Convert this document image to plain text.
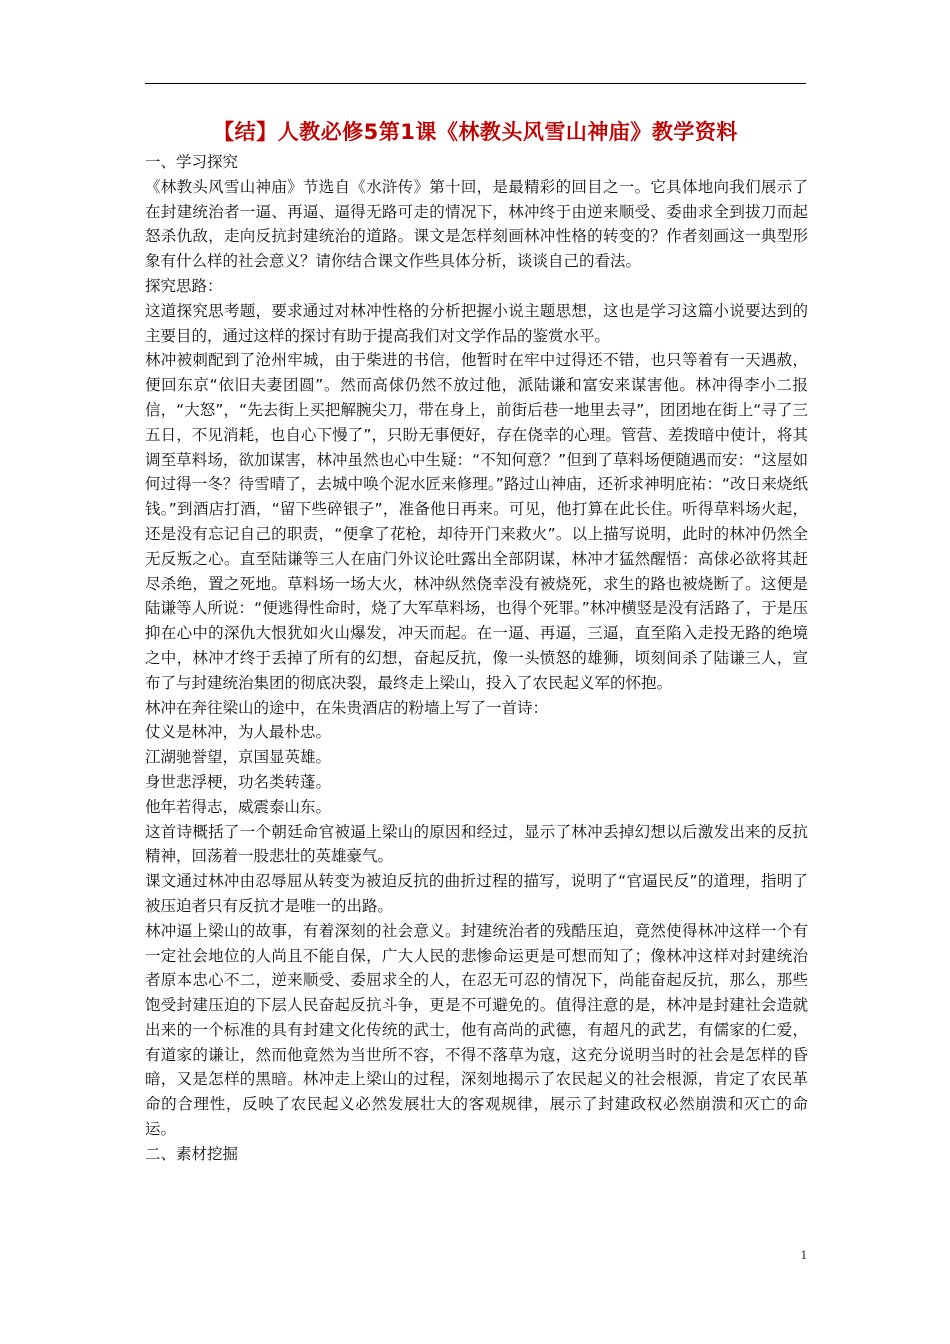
【结】人教必修5第1课《林教头风雪山神庙》教学资料

一、学习探究

《林教头风雪山神庙》节选自《水浒传》第十回，是最精彩的回目之一。它具体地向我们展示了在封建统治者一逼、再逼、逼得无路可走的情况下，林冲终于由逆来顺受、委曲求全到拔刀而起怒杀仇敌，走向反抗封建统治的道路。课文是怎样刻画林冲性格的转变的？作者刻画这一典型形象有什么样的社会意义？请你结合课文作些具体分析，谈谈自己的看法。

探究思路：

这道探究思考题，要求通过对林冲性格的分析把握小说主题思想，这也是学习这篇小说要达到的主要目的，通过这样的探讨有助于提高我们对文学作品的鉴赏水平。

林冲被刺配到了沧州牢城，由于柴进的书信，他暂时在牢中过得还不错，也只等着有一天遇赦，便回东京“依旧夫妻团圆”。然而高俅仍然不放过他，派陆谦和富安来谋害他。林冲得李小二报信，“大怒”，“先去街上买把解腕尖刀，带在身上，前街后巷一地里去寻”，团团地在街上“寻了三五日，不见消耗，也自心下慢了”，只盼无事便好，存在侥幸的心理。管营、差拨暗中使计，将其调至草料场，欲加谋害，林冲虽然也心中生疑：“不知何意？”但到了草料场便随遇而安：“这屋如何过得一冬？待雪晴了，去城中唤个泥水匠来修理。”路过山神庙，还祈求神明庇祐：“改日来烧纸钱。”到酒店打酒，“留下些碎银子”，准备他日再来。可见，他打算在此长住。听得草料场火起，还是没有忘记自己的职责，“便拿了花枪，却待开门来救火”。以上描写说明，此时的林冲仍然全无反叛之心。直至陆谦等三人在庙门外议论吐露出全部阴谋，林冲才猛然醒悟：高俅必欲将其赶尽杀绝，置之死地。草料场一场大火，林冲纵然侥幸没有被烧死，求生的路也被烧断了。这便是陆谦等人所说：“便逃得性命时，烧了大军草料场，也得个死罪。”林冲横竖是没有活路了，于是压抑在心中的深仇大恨犹如火山爆发，冲天而起。在一逼、再逼，三逼，直至陷入走投无路的绝境之中，林冲才终于丢掉了所有的幻想，奋起反抗，像一头愤怒的雄狮，顷刻间杀了陆谦三人，宣布了与封建统治集团的彻底决裂，最终走上梁山，投入了农民起义军的怀抱。

林冲在奔往梁山的途中，在朱贵酒店的粉墙上写了一首诗：

仗义是林冲，为人最朴忠。

江湖驰誉望，京国显英雄。

身世悲浮梗，功名类转蓬。

他年若得志，威震泰山东。

这首诗概括了一个朝廷命官被逼上梁山的原因和经过，显示了林冲丢掉幻想以后激发出来的反抗精神，回荡着一股悲壮的英雄豪气。

课文通过林冲由忍辱屈从转变为被迫反抗的曲折过程的描写，说明了“官逼民反”的道理，指明了被压迫者只有反抗才是唯一的出路。

林冲逼上梁山的故事，有着深刻的社会意义。封建统治者的残酷压迫，竟然使得林冲这样一个有一定社会地位的人尚且不能自保，广大人民的悲惨命运更是可想而知了；像林冲这样对封建统治者原本忠心不二，逆来顺受、委屈求全的人，在忍无可忍的情况下，尚能奋起反抗，那么，那些饱受封建压迫的下层人民奋起反抗斗争，更是不可避免的。值得注意的是，林冲是封建社会造就出来的一个标准的具有封建文化传统的武士，他有高尚的武德，有超凡的武艺，有儒家的仁爱，有道家的谦让，然而他竟然为当世所不容，不得不落草为寇，这充分说明当时的社会是怎样的昏暗，又是怎样的黑暗。林冲走上梁山的过程，深刻地揭示了农民起义的社会根源，肯定了农民革命的合理性，反映了农民起义必然发展壮大的客观规律，展示了封建政权必然崩溃和灭亡的命运。

二、素材挖掘

1
